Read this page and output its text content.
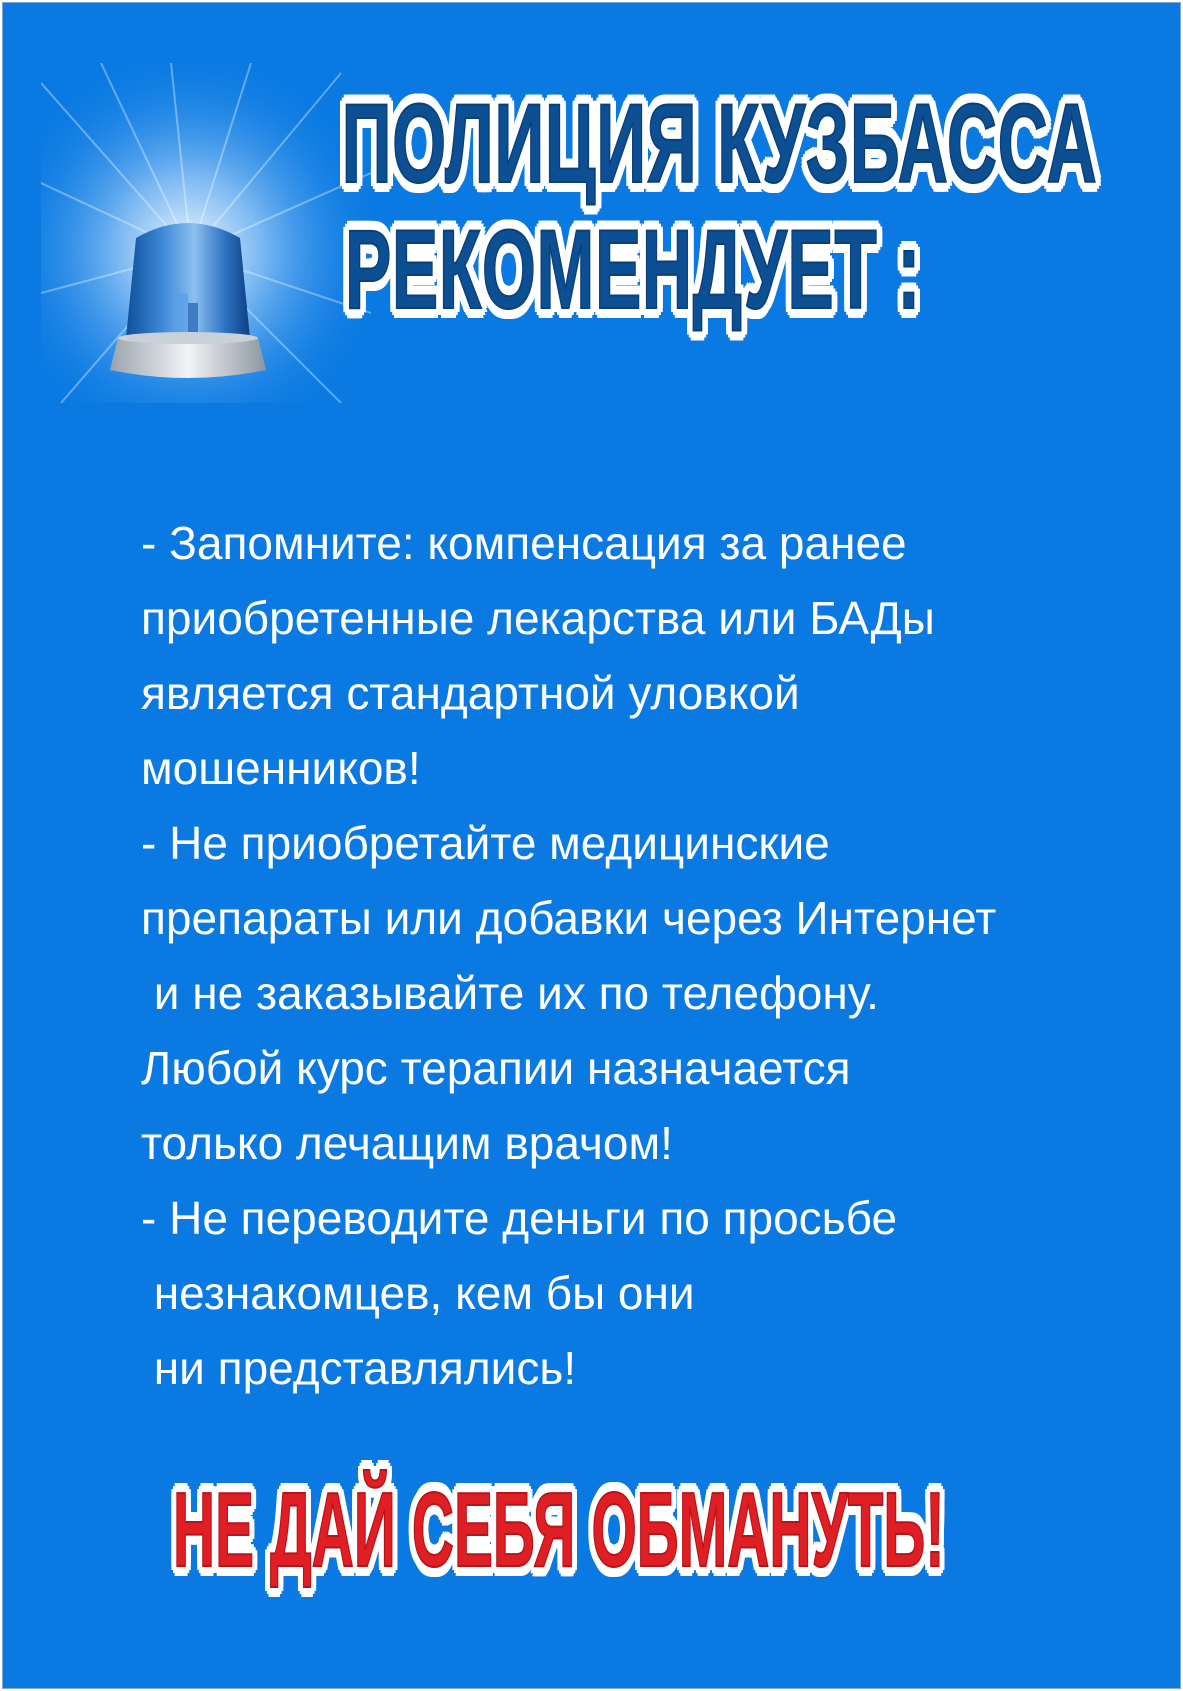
ПОЛИЦИЯ КУЗБАССА
РЕКОМЕНДУЕТ :
- Запомните: компенсация за ранее
приобретенные лекарства или БАДы
является стандартной уловкой
мошенников!
- Не приобретайте медицинские
препараты или добавки через Интернет
и не заказывайте их по телефону.
Любой курс терапии назначается
только лечащим врачом!
- Не переводите деньги по просьбе
незнакомцев, кем бы они
ни представлялись!
НЕ ДАЙ СЕБЯ ОБМАНУТЬ!
